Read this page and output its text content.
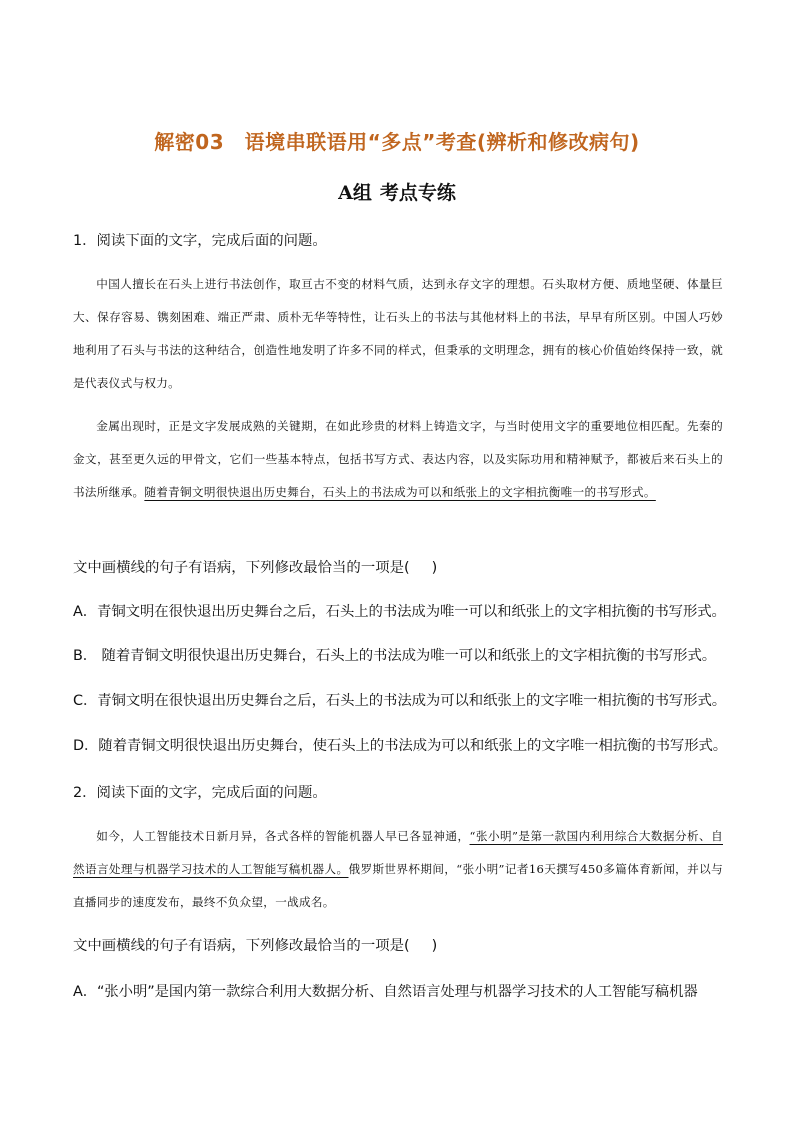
解密03　语境串联语用“多点”考查(辨析和修改病句)
A组 考点专练
1．阅读下面的文字，完成后面的问题。
中国人擅长在石头上进行书法创作，取亘古不变的材料气质，达到永存文字的理想。石头取材方便、质地坚硬、体量巨大、保存容易、镌刻困难、端正严肃、质朴无华等特性，让石头上的书法与其他材料上的书法，早早有所区别。中国人巧妙地利用了石头与书法的这种结合，创造性地发明了许多不同的样式，但秉承的文明理念，拥有的核心价值始终保持一致，就是代表仪式与权力。
金属出现时，正是文字发展成熟的关键期，在如此珍贵的材料上铸造文字，与当时使用文字的重要地位相匹配。先秦的金文，甚至更久远的甲骨文，它们一些基本特点，包括书写方式、表达内容，以及实际功用和精神赋予，都被后来石头上的书法所继承。随着青铜文明很快退出历史舞台，石头上的书法成为可以和纸张上的文字相抗衡唯一的书写形式。
文中画横线的句子有语病，下列修改最恰当的一项是( )
A．青铜文明在很快退出历史舞台之后，石头上的书法成为唯一可以和纸张上的文字相抗衡的书写形式。
B． 随着青铜文明很快退出历史舞台，石头上的书法成为唯一可以和纸张上的文字相抗衡的书写形式。
C．青铜文明在很快退出历史舞台之后，石头上的书法成为可以和纸张上的文字唯一相抗衡的书写形式。
D．随着青铜文明很快退出历史舞台，使石头上的书法成为可以和纸张上的文字唯一相抗衡的书写形式。
2．阅读下面的文字，完成后面的问题。
如今，人工智能技术日新月异，各式各样的智能机器人早已各显神通，“张小明”是第一款国内利用综合大数据分析、自然语言处理与机器学习技术的人工智能写稿机器人。俄罗斯世界杯期间，“张小明”记者16天撰写450多篇体育新闻，并以与直播同步的速度发布，最终不负众望，一战成名。
文中画横线的句子有语病，下列修改最恰当的一项是( )
A．“张小明”是国内第一款综合利用大数据分析、自然语言处理与机器学习技术的人工智能写稿机器
